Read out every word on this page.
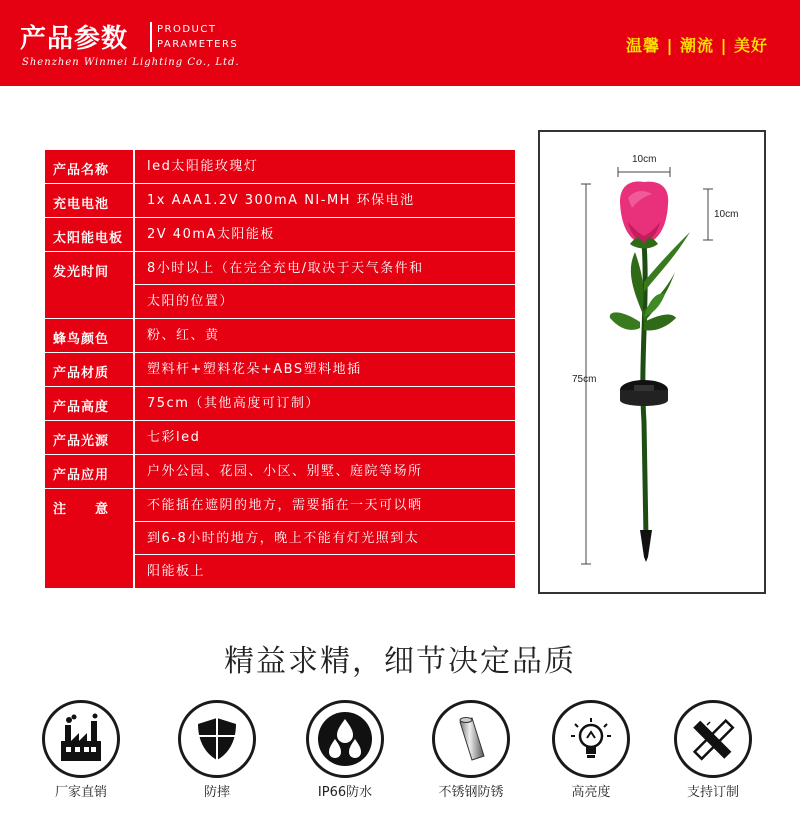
产品参数	PRODUCT
PARAMETERS
Shenzhen Winmei Lighting Co., Ltd.
温馨 | 潮流 | 美好
产品名称	led太阳能玫瑰灯
充电电池	1x AAA1.2V 300mA NI-MH 环保电池
太阳能电板	2V 40mA太阳能板
发光时间	8小时以上（在完全充电/取决于天气条件和
太阳的位置）
蜂鸟颜色	粉、红、黄
产品材质	塑料杆+塑料花朵+ABS塑料地插
产品高度	75cm（其他高度可订制）
产品光源	七彩led
产品应用	户外公园、花园、小区、别墅、庭院等场所
注　　意	不能插在遮阴的地方，需要插在一天可以晒
到6-8小时的地方，晚上不能有灯光照到太
阳能板上
10cm
10cm
75cm
精益求精，细节决定品质
厂家直销	防摔	IP66防水	不锈钢防锈	高亮度	支持订制
